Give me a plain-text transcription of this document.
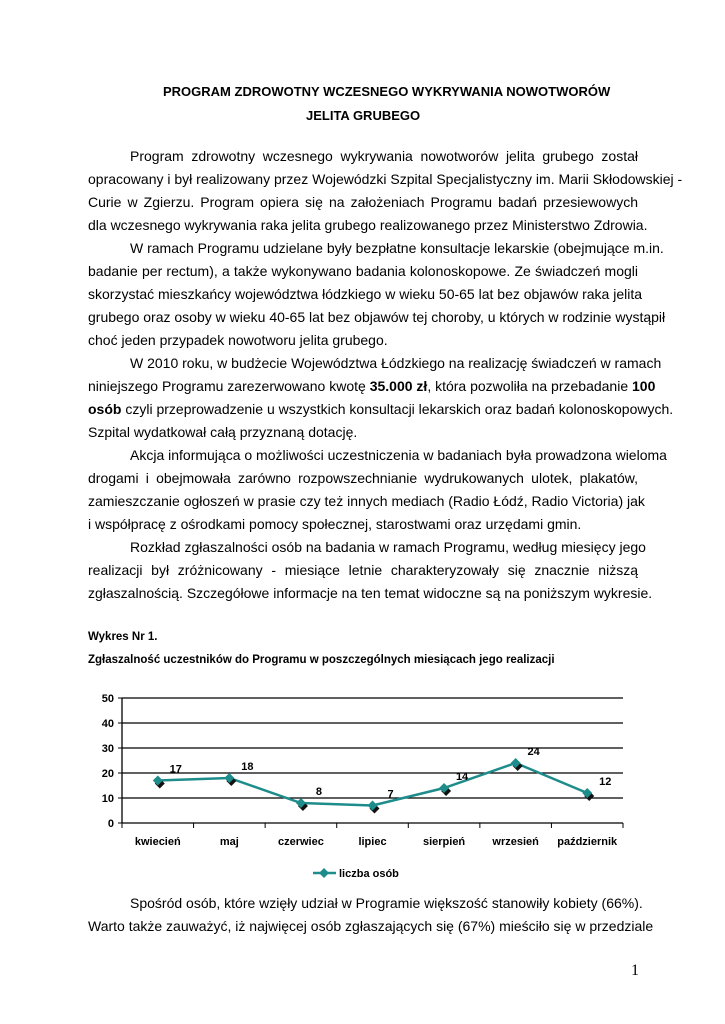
PROGRAM ZDROWOTNY WCZESNEGO WYKRYWANIA NOWOTWORÓW
JELITA GRUBEGO
Program zdrowotny wczesnego wykrywania nowotworów jelita grubego został
opracowany i był realizowany przez Wojewódzki Szpital Specjalistyczny im. Marii Skłodowskiej -
Curie w Zgierzu. Program opiera się na założeniach Programu badań przesiewowych
dla wczesnego wykrywania raka jelita grubego realizowanego przez Ministerstwo Zdrowia.
W ramach Programu udzielane były bezpłatne konsultacje lekarskie (obejmujące m.in.
badanie per rectum), a także wykonywano badania kolonoskopowe. Ze świadczeń mogli
skorzystać mieszkańcy województwa łódzkiego w wieku 50-65 lat bez objawów raka jelita
grubego oraz osoby w wieku 40-65 lat bez objawów tej choroby, u których w rodzinie wystąpił
choć jeden przypadek nowotworu jelita grubego.
W 2010 roku, w budżecie Województwa Łódzkiego na realizację świadczeń w ramach
niniejszego Programu zarezerwowano kwotę 35.000 zł, która pozwoliła na przebadanie 100
osób czyli przeprowadzenie u wszystkich konsultacji lekarskich oraz badań kolonoskopowych.
Szpital wydatkował całą przyznaną dotację.
Akcja informująca o możliwości uczestniczenia w badaniach była prowadzona wieloma
drogami i obejmowała zarówno rozpowszechnianie wydrukowanych ulotek, plakatów,
zamieszczanie ogłoszeń w prasie czy też innych mediach (Radio Łódź, Radio Victoria) jak
i współpracę z ośrodkami pomocy społecznej, starostwami oraz urzędami gmin.
Rozkład zgłaszalności osób na badania w ramach Programu, według miesięcy jego
realizacji był zróżnicowany - miesiące letnie charakteryzowały się znacznie niższą
zgłaszalnością. Szczegółowe informacje na ten temat widoczne są na poniższym wykresie.
Wykres Nr 1.
Zgłaszalność uczestników do Programu w poszczególnych miesiącach jego realizacji
0
10
20
30
40
50
kwiecień	maj	czerwiec	lipiec	sierpień wrzesień październik
17	18
8	7
14
24
12
liczba osób
Spośród osób, które wzięły udział w Programie większość stanowiły kobiety (66%).
Warto także zauważyć, iż najwięcej osób zgłaszających się (67%) mieściło się w przedziale
1
